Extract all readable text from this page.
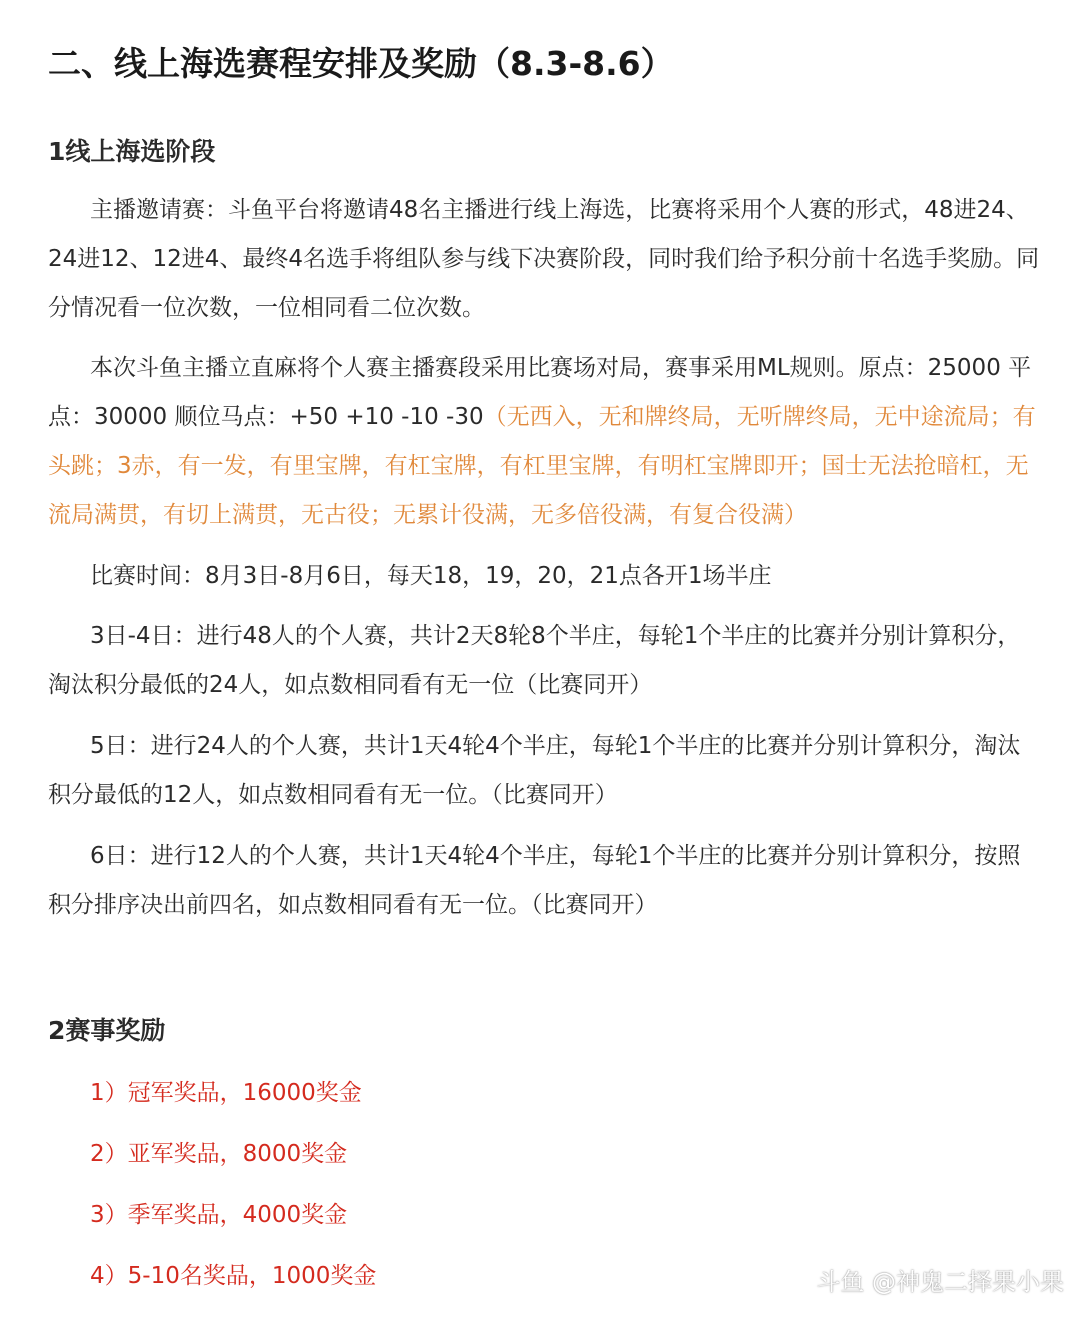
二、线上海选赛程安排及奖励（8.3-8.6）
1线上海选阶段

主播邀请赛：斗鱼平台将邀请48名主播进行线上海选，比赛将采用个人赛的形式，48进24、24进12、12进4、最终4名选手将组队参与线下决赛阶段，同时我们给予积分前十名选手奖励。同分情况看一位次数，一位相同看二位次数。

本次斗鱼主播立直麻将个人赛主播赛段采用比赛场对局，赛事采用ML规则。原点：25000 平点：30000 顺位马点：+50 +10 -10 -30（无西入，无和牌终局，无听牌终局，无中途流局；有头跳；3赤，有一发，有里宝牌，有杠宝牌，有杠里宝牌，有明杠宝牌即开；国士无法抢暗杠，无流局满贯，有切上满贯，无古役；无累计役满，无多倍役满，有复合役满）

比赛时间：8月3日-8月6日，每天18，19，20，21点各开1场半庄

3日-4日：进行48人的个人赛，共计2天8轮8个半庄，每轮1个半庄的比赛并分别计算积分，淘汰积分最低的24人，如点数相同看有无一位（比赛同开）

5日：进行24人的个人赛，共计1天4轮4个半庄，每轮1个半庄的比赛并分别计算积分，淘汰积分最低的12人，如点数相同看有无一位。（比赛同开）

6日：进行12人的个人赛，共计1天4轮4个半庄，每轮1个半庄的比赛并分别计算积分，按照积分排序决出前四名，如点数相同看有无一位。（比赛同开）

2赛事奖励

1）冠军奖品，16000奖金

2）亚军奖品，8000奖金

3）季军奖品，4000奖金

4）5-10名奖品，1000奖金	斗鱼 @神鬼二择果小果
